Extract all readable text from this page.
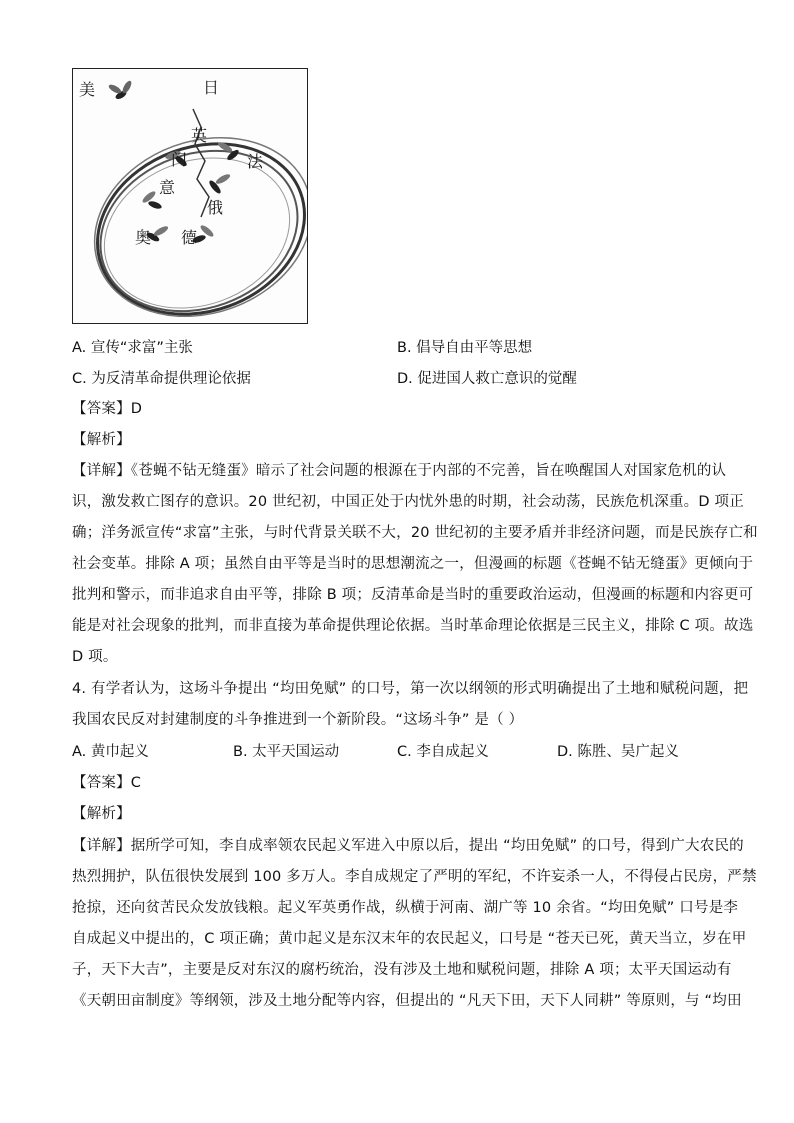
美	日
英
门	法
意
俄
奥 德
A. 宣传“求富”主张	B. 倡导自由平等思想
C. 为反清革命提供理论依据	D. 促进国人救亡意识的觉醒
【答案】D
【解析】
【详解】《苍蝇不钻无缝蛋》暗示了社会问题的根源在于内部的不完善，旨在唤醒国人对国家危机的认
识，激发救亡图存的意识。20 世纪初，中国正处于内忧外患的时期，社会动荡，民族危机深重。D 项正
确；洋务派宣传“求富”主张，与时代背景关联不大，20 世纪初的主要矛盾并非经济问题，而是民族存亡和
社会变革。排除 A 项；虽然自由平等是当时的思想潮流之一，但漫画的标题《苍蝇不钻无缝蛋》更倾向于
批判和警示，而非追求自由平等，排除 B 项；反清革命是当时的重要政治运动，但漫画的标题和内容更可
能是对社会现象的批判，而非直接为革命提供理论依据。当时革命理论依据是三民主义，排除 C 项。故选
D 项。
4. 有学者认为，这场斗争提出 “均田免赋” 的口号，第一次以纲领的形式明确提出了土地和赋税问题，把
我国农民反对封建制度的斗争推进到一个新阶段。“这场斗争” 是（ ）
A. 黄巾起义	B. 太平天国运动	C. 李自成起义	D. 陈胜、吴广起义
【答案】C
【解析】
【详解】据所学可知，李自成率领农民起义军进入中原以后，提出 “均田免赋” 的口号，得到广大农民的
热烈拥护，队伍很快发展到 100 多万人。李自成规定了严明的军纪，不许妄杀一人，不得侵占民房，严禁
抢掠，还向贫苦民众发放钱粮。起义军英勇作战，纵横于河南、湖广等 10 余省。“均田免赋” 口号是李
自成起义中提出的，C 项正确；黄巾起义是东汉末年的农民起义，口号是 “苍天已死，黄天当立，岁在甲
子，天下大吉”，主要是反对东汉的腐朽统治，没有涉及土地和赋税问题，排除 A 项；太平天国运动有
《天朝田亩制度》等纲领，涉及土地分配等内容，但提出的 “凡天下田，天下人同耕” 等原则，与 “均田
